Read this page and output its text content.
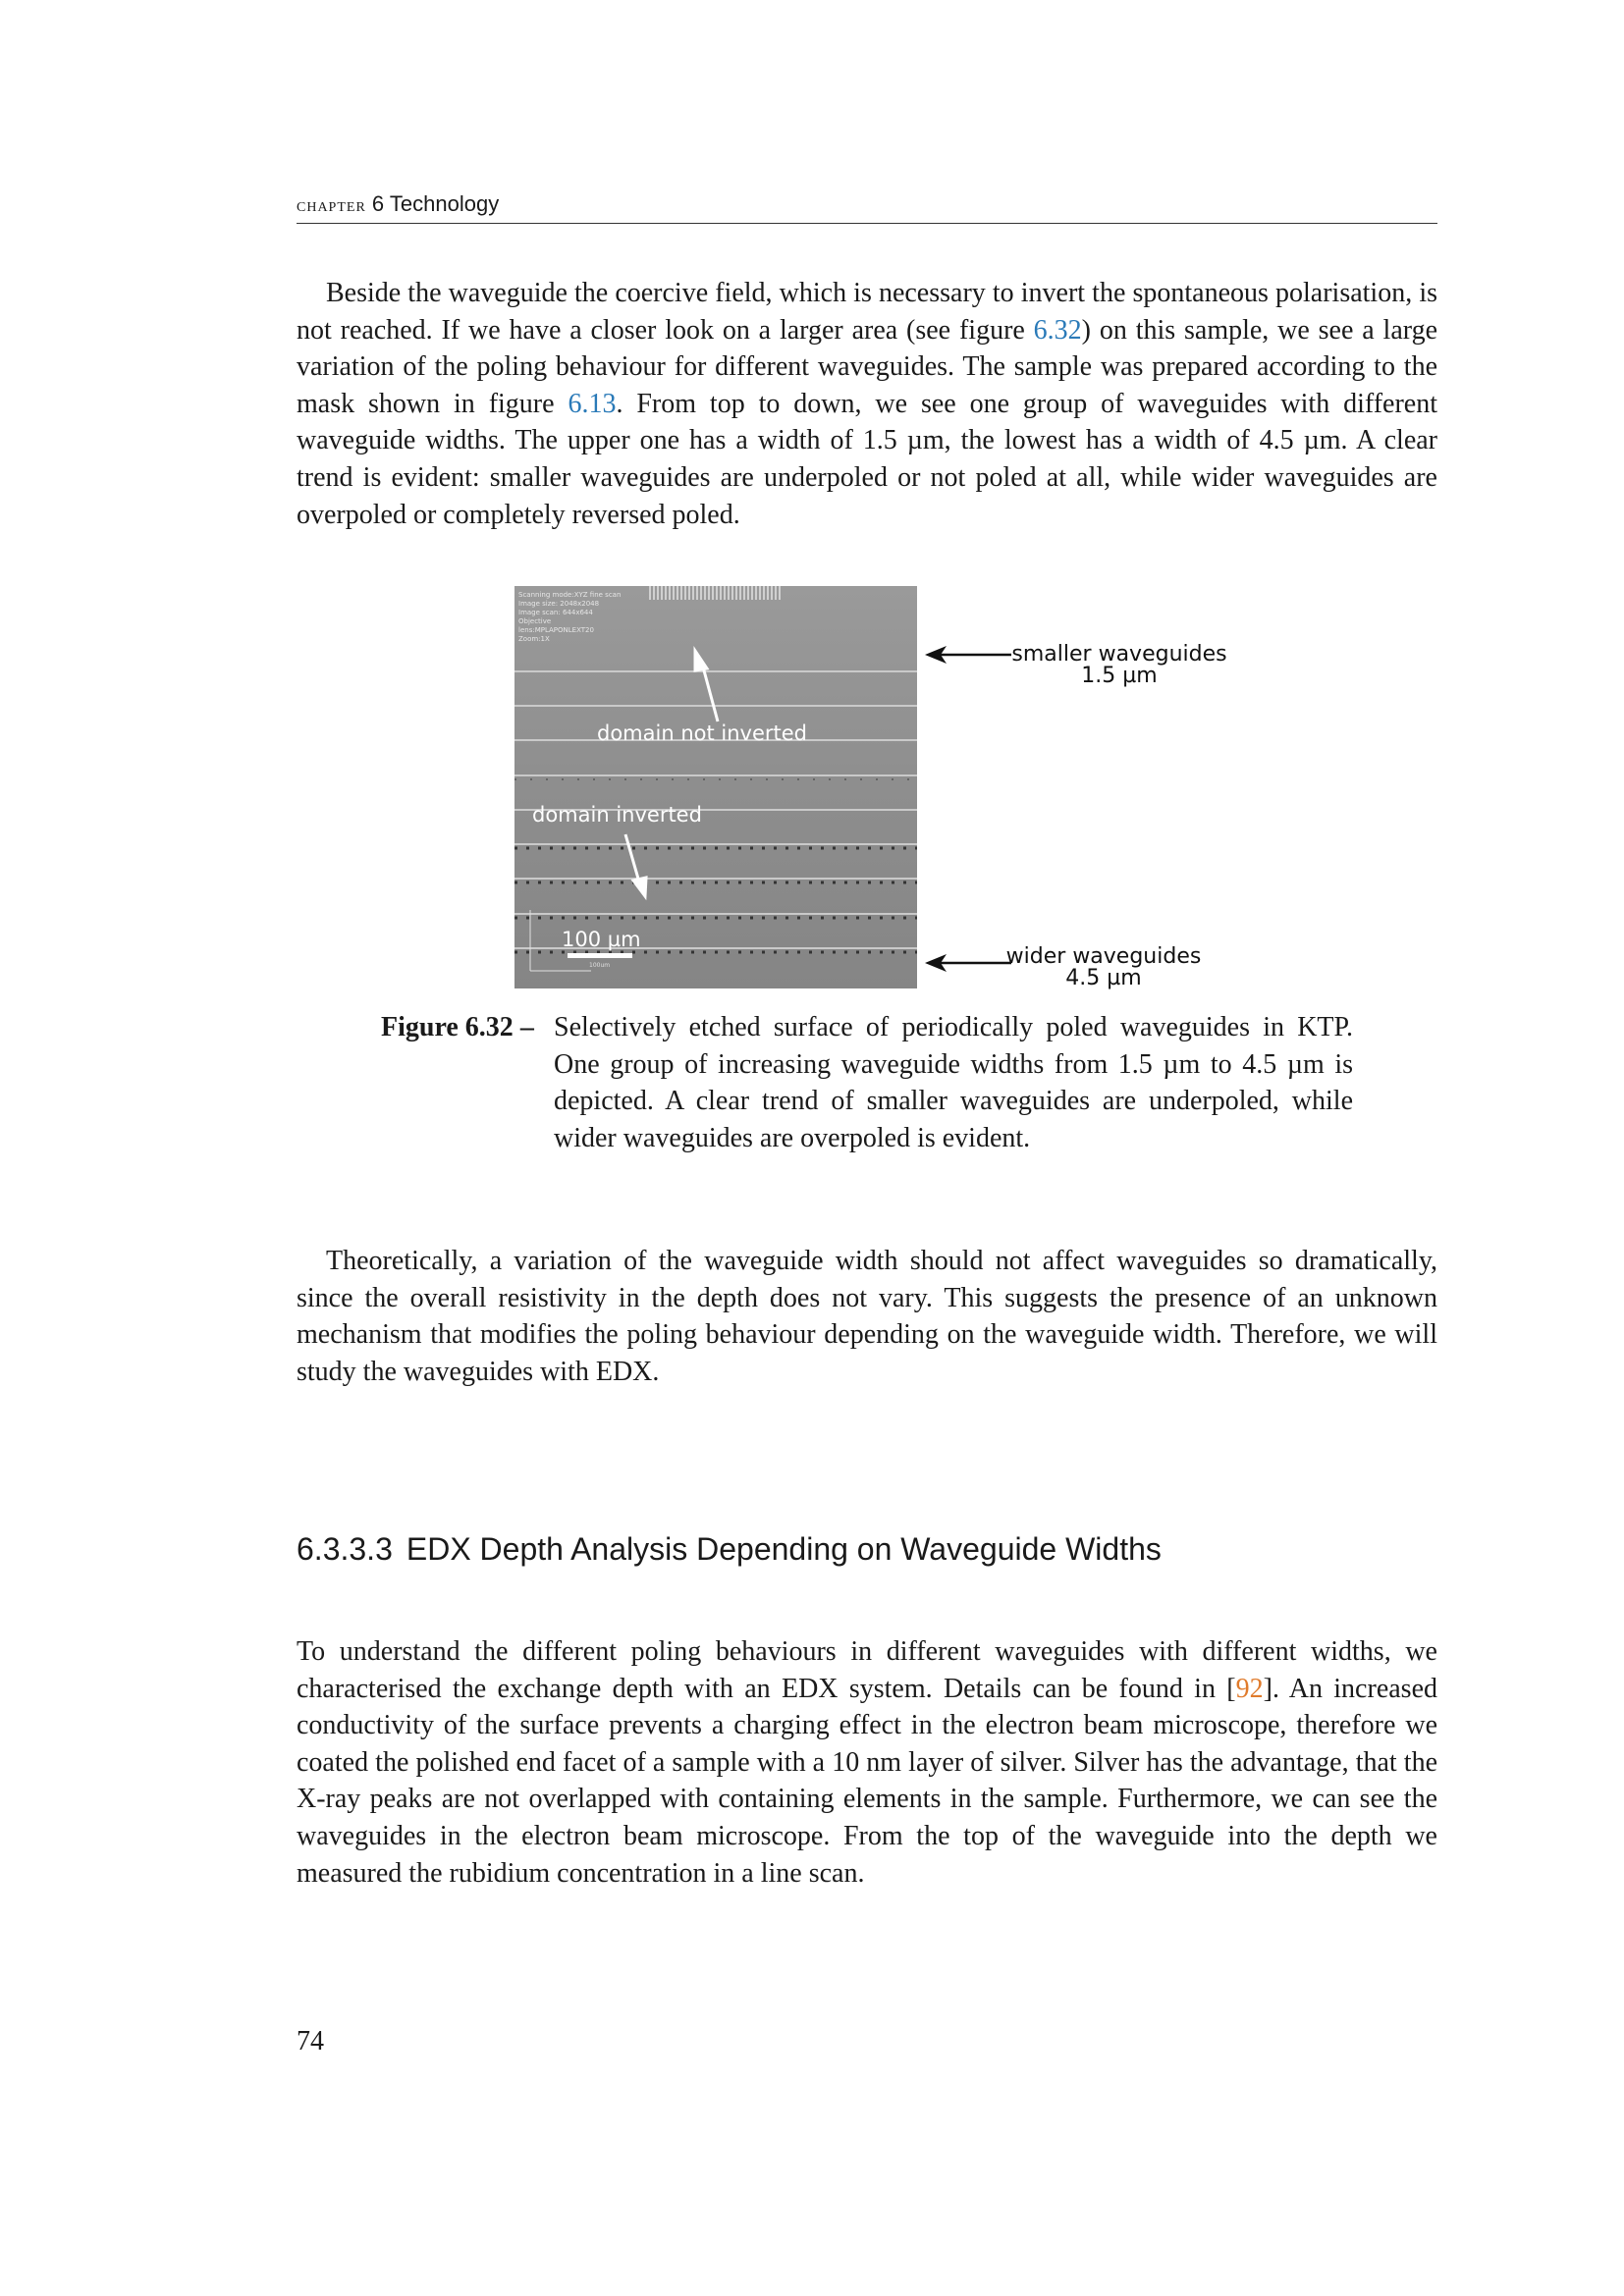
chapter 6 Technology

Beside the waveguide the coercive field, which is necessary to invert the spontaneous polarisation, is not reached. If we have a closer look on a larger area (see figure 6.32) on this sample, we see a large variation of the poling behaviour for different waveguides. The sample was prepared according to the mask shown in figure 6.13. From top to down, we see one group of waveguides with different waveguide widths. The upper one has a width of 1.5 µm, the lowest has a width of 4.5 µm. A clear trend is evident: smaller waveguides are underpoled or not poled at all, while wider waveguides are overpoled or completely reversed poled.

Scanning mode:XYZ fine scan
Image size: 2048x2048
Image scan: 644x644
Objective
lens:MPLAPONLEXT20
Zoom:1X
domain not inverted
domain inverted
100 µm
100um
smaller waveguides
1.5 µm
wider waveguides
4.5 µm
Figure 6.32 – Selectively etched surface of periodically poled waveguides in KTP. One group of increasing waveguide widths from 1.5 µm to 4.5 µm is depicted. A clear trend of smaller waveguides are underpoled, while wider waveguides are overpoled is evident.

Theoretically, a variation of the waveguide width should not affect waveguides so dramatically, since the overall resistivity in the depth does not vary. This suggests the presence of an unknown mechanism that modifies the poling behaviour depending on the waveguide width. Therefore, we will study the waveguides with EDX.

6.3.3.3 EDX Depth Analysis Depending on Waveguide Widths

To understand the different poling behaviours in different waveguides with different widths, we characterised the exchange depth with an EDX system. Details can be found in [92]. An increased conductivity of the surface prevents a charging effect in the electron beam microscope, therefore we coated the polished end facet of a sample with a 10 nm layer of silver. Silver has the advantage, that the X-ray peaks are not overlapped with containing elements in the sample. Furthermore, we can see the waveguides in the electron beam microscope. From the top of the waveguide into the depth we measured the rubidium concentration in a line scan.

74
